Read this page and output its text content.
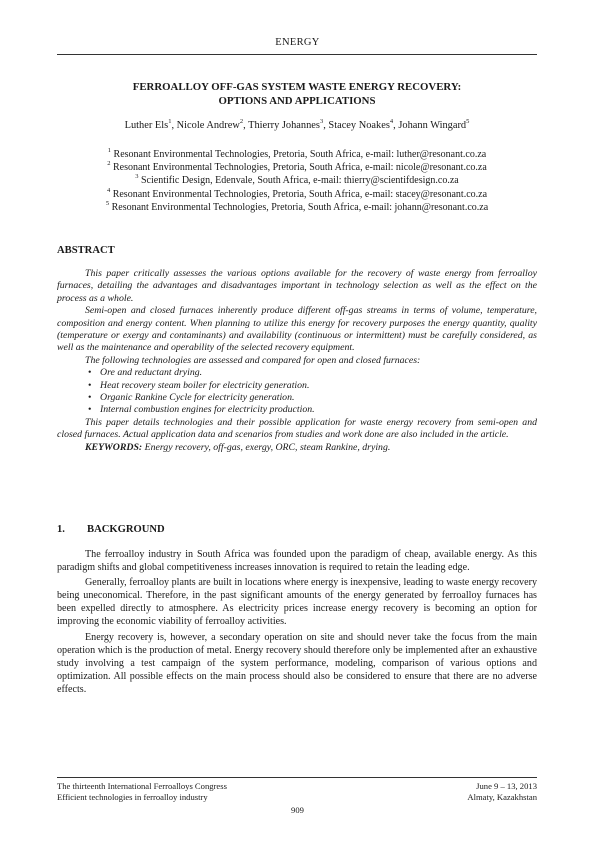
ENERGY
FERROALLOY OFF-GAS SYSTEM WASTE ENERGY RECOVERY:
OPTIONS AND APPLICATIONS
Luther Els$^1$, Nicole Andrew$^2$, Thierry Johannes$^3$, Stacey Noakes$^4$, Johann Wingard$^5$
$^1$ Resonant Environmental Technologies, Pretoria, South Africa, e-mail: luther@resonant.co.za
$^2$ Resonant Environmental Technologies, Pretoria, South Africa, e-mail: nicole@resonant.co.za
$^3$ Scientific Design, Edenvale, South Africa, e-mail: thierry@scientifdesign.co.za
$^4$ Resonant Environmental Technologies, Pretoria, South Africa, e-mail: stacey@resonant.co.za
$^5$ Resonant Environmental Technologies, Pretoria, South Africa, e-mail: johann@resonant.co.za
ABSTRACT

This paper critically assesses the various options available for the recovery of waste energy from ferroalloy furnaces, detailing the advantages and disadvantages important in technology selection as well as the effect on the process as a whole.

Semi-open and closed furnaces inherently produce different off-gas streams in terms of volume, temperature, composition and energy content. When planning to utilize this energy for recovery purposes the energy quantity, quality (temperature or exergy and contaminants) and availability (continuous or intermittent) must be carefully considered, as well as the maintenance and operability of the selected recovery equipment.

The following technologies are assessed and compared for open and closed furnaces:

• Ore and reductant drying.
• Heat recovery steam boiler for electricity generation.
• Organic Rankine Cycle for electricity generation.
• Internal combustion engines for electricity production.

This paper details technologies and their possible application for waste energy recovery from semi-open and closed furnaces. Actual application data and scenarios from studies and work done are also included in the article.

KEYWORDS: Energy recovery, off-gas, exergy, ORC, steam Rankine, drying.

1. BACKGROUND

The ferroalloy industry in South Africa was founded upon the paradigm of cheap, available energy. As this paradigm shifts and global competitiveness increases innovation is required to retain the leading edge.

Generally, ferroalloy plants are built in locations where energy is inexpensive, leading to waste energy recovery being uneconomical. Therefore, in the past significant amounts of the energy generated by ferroalloy furnaces has been expelled directly to atmosphere. As electricity prices increase energy recovery is becoming an option for improving the economic viability of ferroalloy activities.

Energy recovery is, however, a secondary operation on site and should never take the focus from the main operation which is the production of metal. Energy recovery should therefore only be implemented after an exhaustive study involving a test campaign of the system performance, modeling, comparison of various options and optimization. All possible effects on the main process should also be considered to ensure that there are no adverse effects.

The thirteenth International Ferroalloys Congress
Efficient technologies in ferroalloy industry
June 9 – 13, 2013
Almaty, Kazakhstan
909
